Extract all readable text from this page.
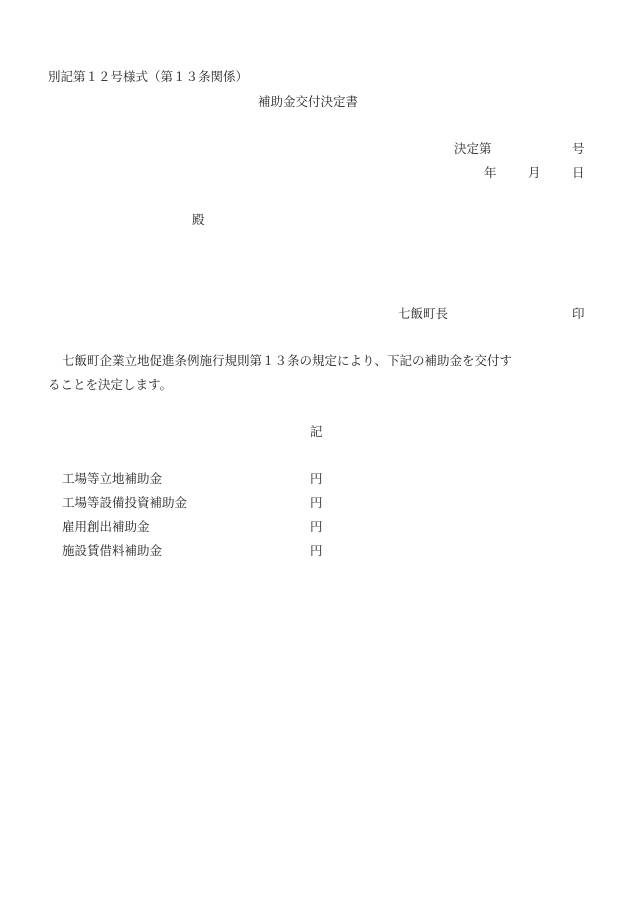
別記第１２号様式（第１３条関係）
補助金交付決定書
決定第	号
年	月	日
殿
七飯町長	印
七飯町企業立地促進条例施行規則第１３条の規定により、下記の補助金を交付す
ることを決定します。
記
工場等立地補助金	円
工場等設備投資補助金	円
雇用創出補助金	円
施設賃借料補助金	円
